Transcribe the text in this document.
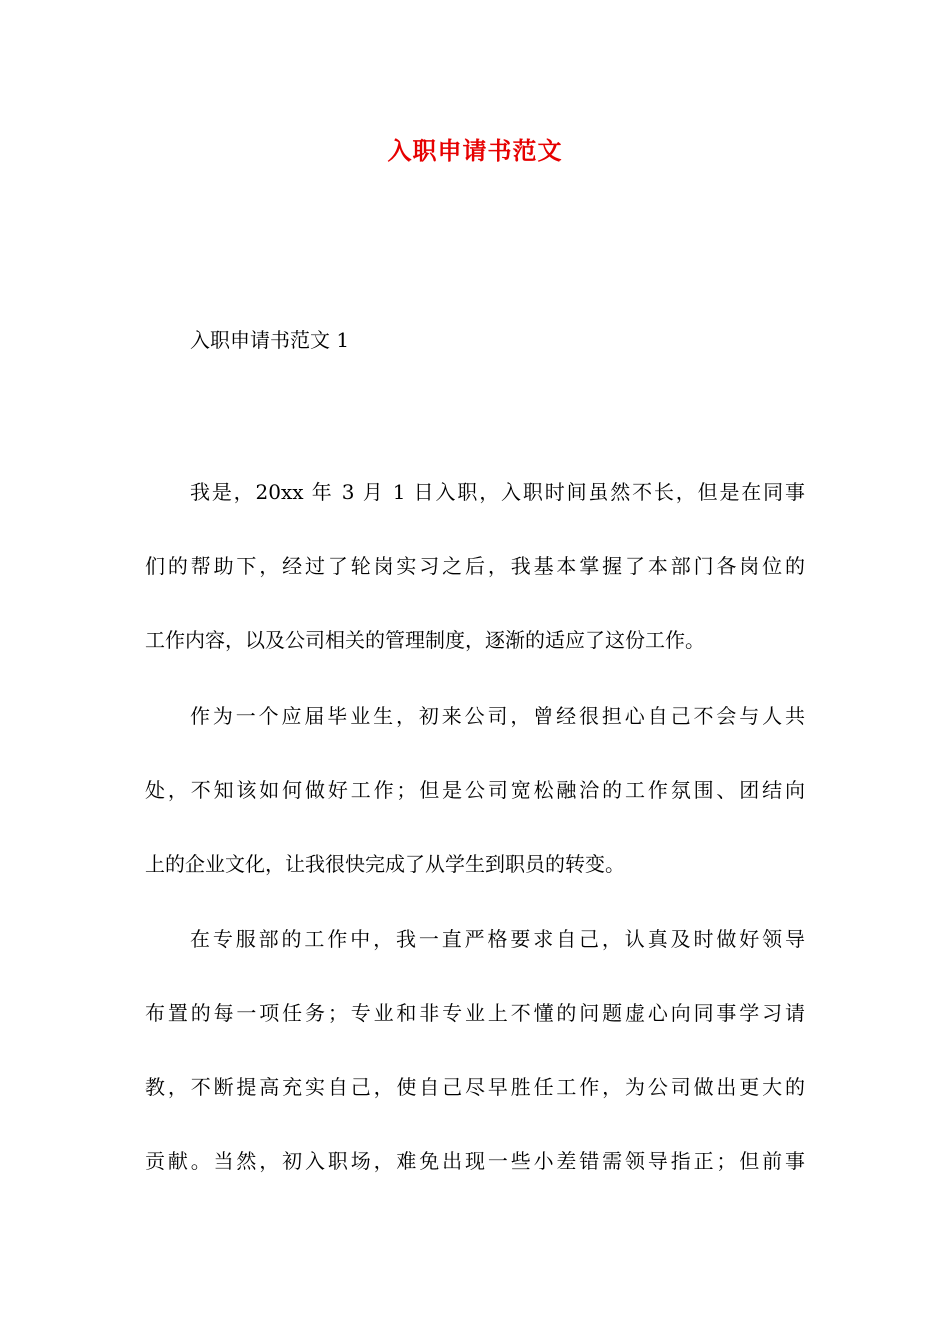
入职申请书范文
入职申请书范文 1
我是，20xx 年 3 月 1 日入职，入职时间虽然不长，但是在同事
们的帮助下，经过了轮岗实习之后，我基本掌握了本部门各岗位的
工作内容，以及公司相关的管理制度，逐渐的适应了这份工作。
作为一个应届毕业生，初来公司，曾经很担心自己不会与人共
处，不知该如何做好工作；但是公司宽松融洽的工作氛围、团结向
上的企业文化，让我很快完成了从学生到职员的转变。
在专服部的工作中，我一直严格要求自己，认真及时做好领导
布置的每一项任务；专业和非专业上不懂的问题虚心向同事学习请
教，不断提高充实自己，使自己尽早胜任工作，为公司做出更大的
贡献。当然，初入职场，难免出现一些小差错需领导指正；但前事
